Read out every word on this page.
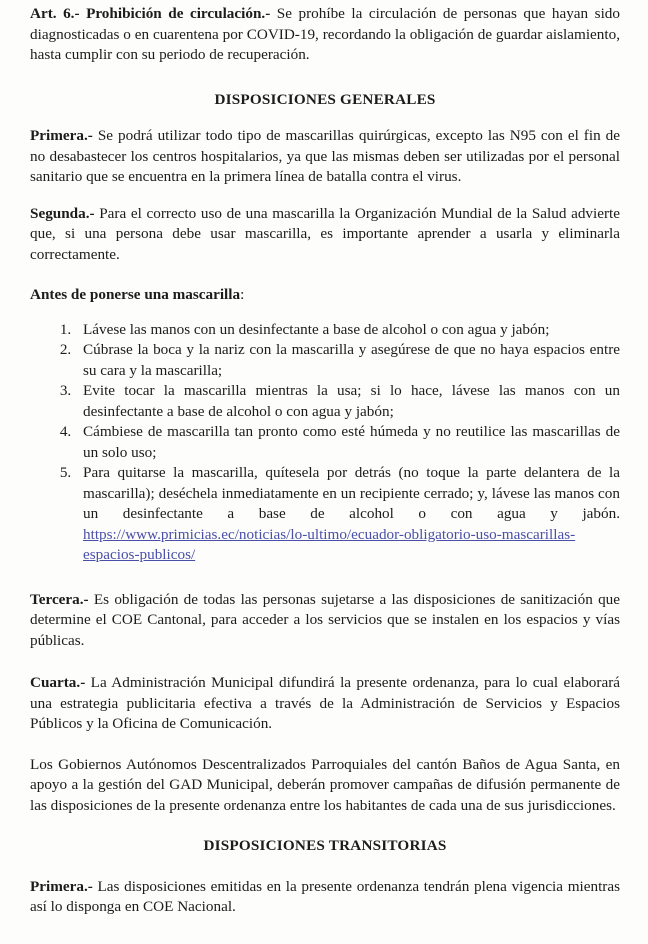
Art. 6.- Prohibición de circulación.- Se prohíbe la circulación de personas que hayan sido diagnosticadas o en cuarentena por COVID-19, recordando la obligación de guardar aislamiento, hasta cumplir con su periodo de recuperación.

DISPOSICIONES GENERALES

Primera.- Se podrá utilizar todo tipo de mascarillas quirúrgicas, excepto las N95 con el fin de no desabastecer los centros hospitalarios, ya que las mismas deben ser utilizadas por el personal sanitario que se encuentra en la primera línea de batalla contra el virus.

Segunda.- Para el correcto uso de una mascarilla la Organización Mundial de la Salud advierte que, si una persona debe usar mascarilla, es importante aprender a usarla y eliminarla correctamente.

Antes de ponerse una mascarilla:

1. Lávese las manos con un desinfectante a base de alcohol o con agua y jabón;
2. Cúbrase la boca y la nariz con la mascarilla y asegúrese de que no haya espacios entre su cara y la mascarilla;
3. Evite tocar la mascarilla mientras la usa; si lo hace, lávese las manos con un desinfectante a base de alcohol o con agua y jabón;
4. Cámbiese de mascarilla tan pronto como esté húmeda y no reutilice las mascarillas de un solo uso;
5. Para quitarse la mascarilla, quítesela por detrás (no toque la parte delantera de la mascarilla); deséchela inmediatamente en un recipiente cerrado; y, lávese las manos con un desinfectante a base de alcohol o con agua y jabón. https://www.primicias.ec/noticias/lo-ultimo/ecuador-obligatorio-uso-mascarillas-espacios-publicos/

Tercera.- Es obligación de todas las personas sujetarse a las disposiciones de sanitización que determine el COE Cantonal, para acceder a los servicios que se instalen en los espacios y vías públicas.

Cuarta.- La Administración Municipal difundirá la presente ordenanza, para lo cual elaborará una estrategia publicitaria efectiva a través de la Administración de Servicios y Espacios Públicos y la Oficina de Comunicación.

Los Gobiernos Autónomos Descentralizados Parroquiales del cantón Baños de Agua Santa, en apoyo a la gestión del GAD Municipal, deberán promover campañas de difusión permanente de las disposiciones de la presente ordenanza entre los habitantes de cada una de sus jurisdicciones.

DISPOSICIONES TRANSITORIAS

Primera.- Las disposiciones emitidas en la presente ordenanza tendrán plena vigencia mientras así lo disponga en COE Nacional.
